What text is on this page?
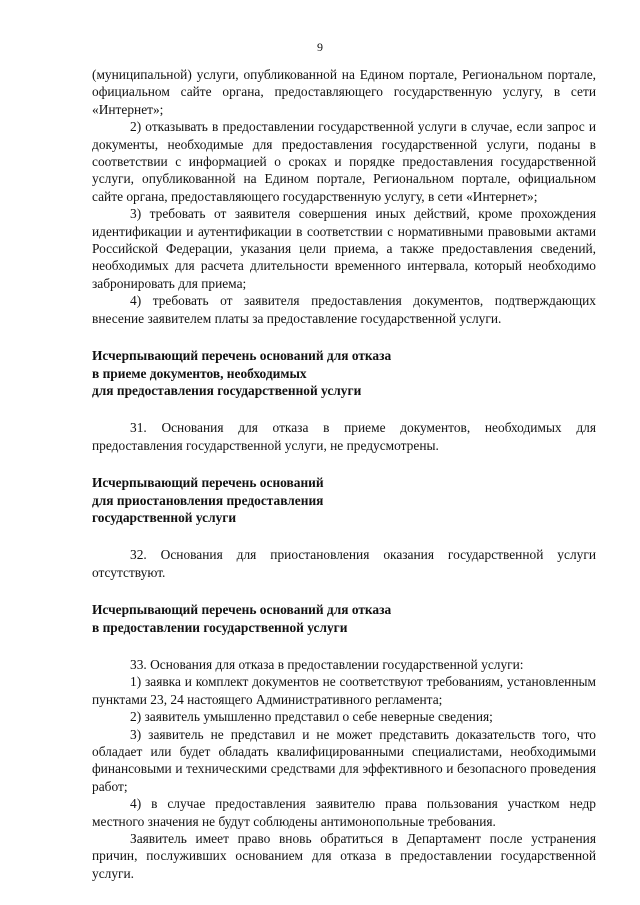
9

(муниципальной) услуги, опубликованной на Едином портале, Региональном портале, официальном сайте органа, предоставляющего государственную услугу, в сети «Интернет»;

2) отказывать в предоставлении государственной услуги в случае, если запрос и документы, необходимые для предоставления государственной услуги, поданы в соответствии с информацией о сроках и порядке предоставления государственной услуги, опубликованной на Едином портале, Региональном портале, официальном сайте органа, предоставляющего государственную услугу, в сети «Интернет»;

3) требовать от заявителя совершения иных действий, кроме прохождения идентификации и аутентификации в соответствии с нормативными правовыми актами Российской Федерации, указания цели приема, а также предоставления сведений, необходимых для расчета длительности временного интервала, который необходимо забронировать для приема;

4) требовать от заявителя предоставления документов, подтверждающих внесение заявителем платы за предоставление государственной услуги.

Исчерпывающий перечень оснований для отказа

в приеме документов, необходимых

для предоставления государственной услуги

31. Основания для отказа в приеме документов, необходимых для предоставления государственной услуги, не предусмотрены.

Исчерпывающий перечень оснований

для приостановления предоставления

государственной услуги

32. Основания для приостановления оказания государственной услуги отсутствуют.

Исчерпывающий перечень оснований для отказа

в предоставлении государственной услуги

33. Основания для отказа в предоставлении государственной услуги:

1) заявка и комплект документов не соответствуют требованиям, установленным пунктами 23, 24 настоящего Административного регламента;

2) заявитель умышленно представил о себе неверные сведения;

3) заявитель не представил и не может представить доказательств того, что обладает или будет обладать квалифицированными специалистами, необходимыми финансовыми и техническими средствами для эффективного и безопасного проведения работ;

4) в случае предоставления заявителю права пользования участком недр местного значения не будут соблюдены антимонопольные требования.

Заявитель имеет право вновь обратиться в Департамент после устранения причин, послуживших основанием для отказа в предоставлении государственной услуги.
